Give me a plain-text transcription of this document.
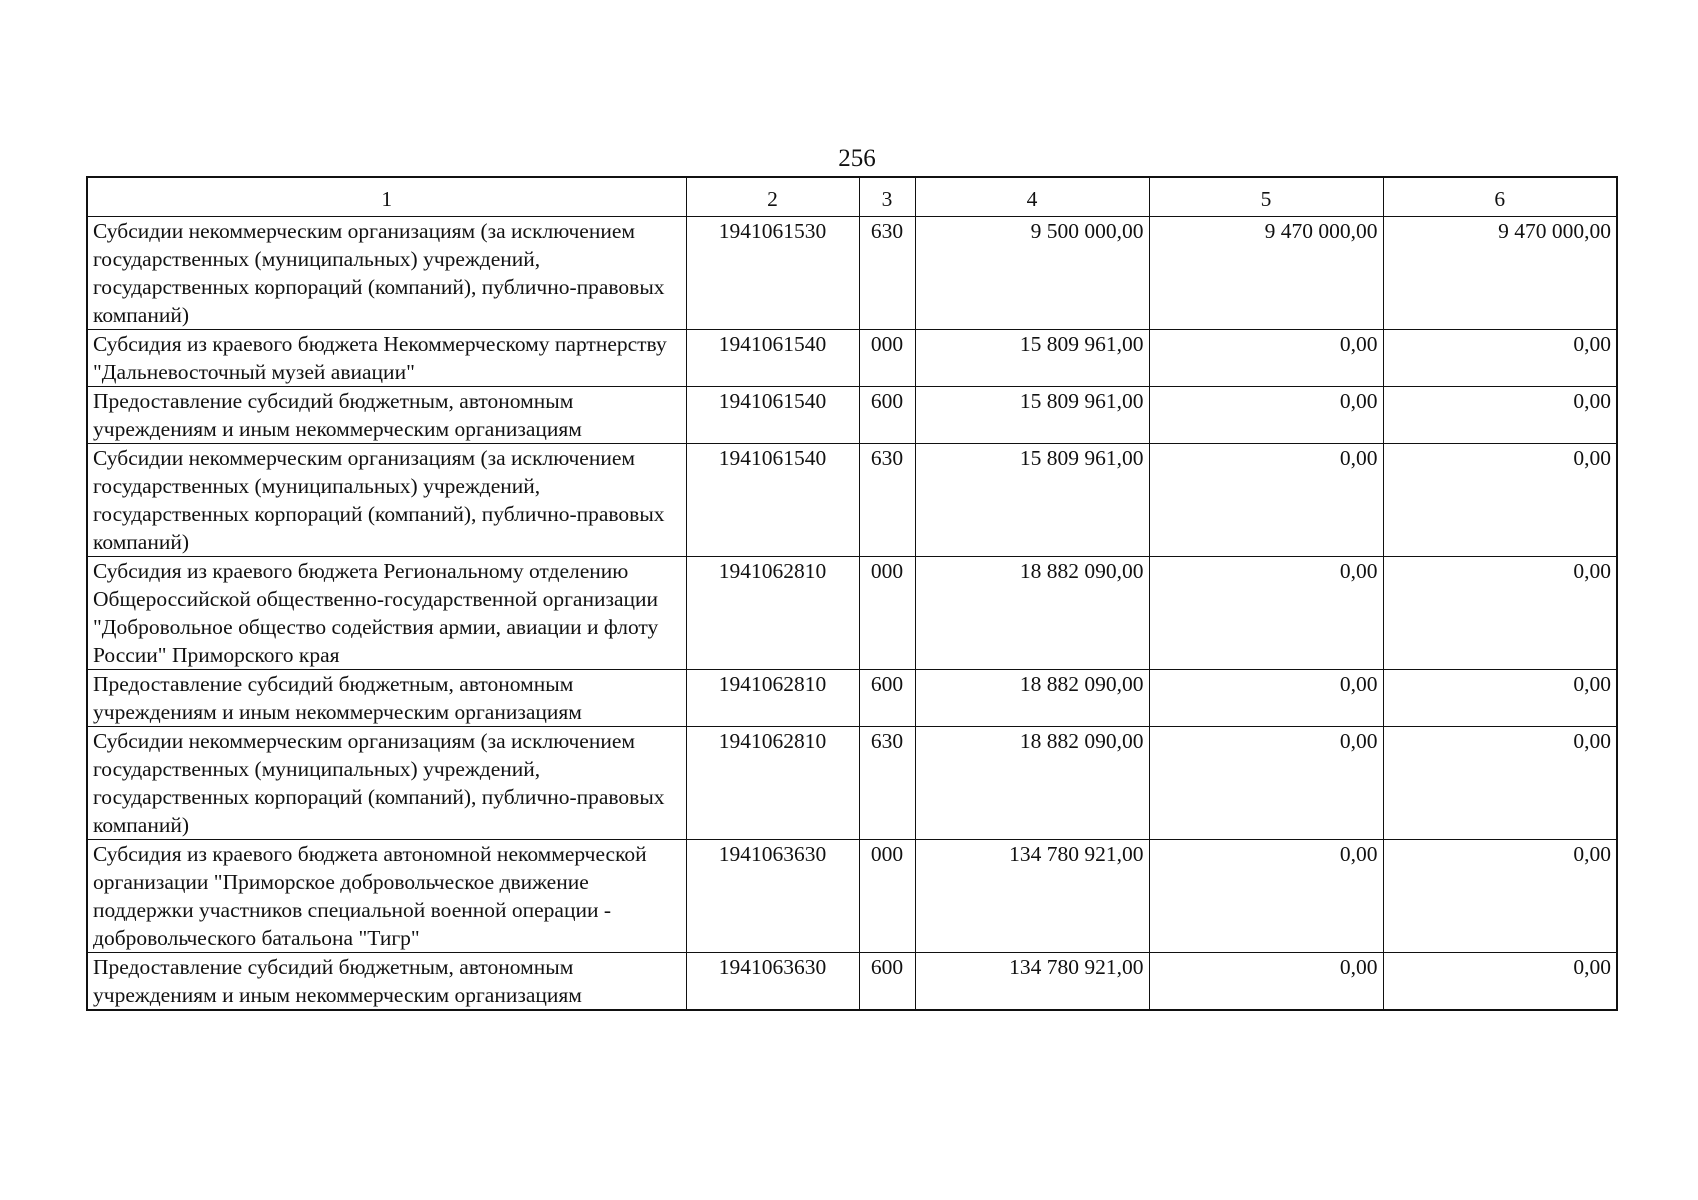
256
1	2	3	4	5	6
Субсидии некоммерческим организациям (за исключением государственных (муниципальных) учреждений, государственных корпораций (компаний), публично-правовых компаний)	1941061530	630	9 500 000,00	9 470 000,00	9 470 000,00
Субсидия из краевого бюджета Некоммерческому партнерству "Дальневосточный музей авиации"	1941061540	000	15 809 961,00	0,00	0,00
Предоставление субсидий бюджетным, автономным учреждениям и иным некоммерческим организациям	1941061540	600	15 809 961,00	0,00	0,00
Субсидии некоммерческим организациям (за исключением государственных (муниципальных) учреждений, государственных корпораций (компаний), публично-правовых компаний)	1941061540	630	15 809 961,00	0,00	0,00
Субсидия из краевого бюджета Региональному отделению Общероссийской общественно-государственной организации "Добровольное общество содействия армии, авиации и флоту России" Приморского края	1941062810	000	18 882 090,00	0,00	0,00
Предоставление субсидий бюджетным, автономным учреждениям и иным некоммерческим организациям	1941062810	600	18 882 090,00	0,00	0,00
Субсидии некоммерческим организациям (за исключением государственных (муниципальных) учреждений, государственных корпораций (компаний), публично-правовых компаний)	1941062810	630	18 882 090,00	0,00	0,00
Субсидия из краевого бюджета автономной некоммерческой организации "Приморское добровольческое движение поддержки участников специальной военной операции - добровольческого батальона "Тигр"	1941063630	000	134 780 921,00	0,00	0,00
Предоставление субсидий бюджетным, автономным учреждениям и иным некоммерческим организациям	1941063630	600	134 780 921,00	0,00	0,00
